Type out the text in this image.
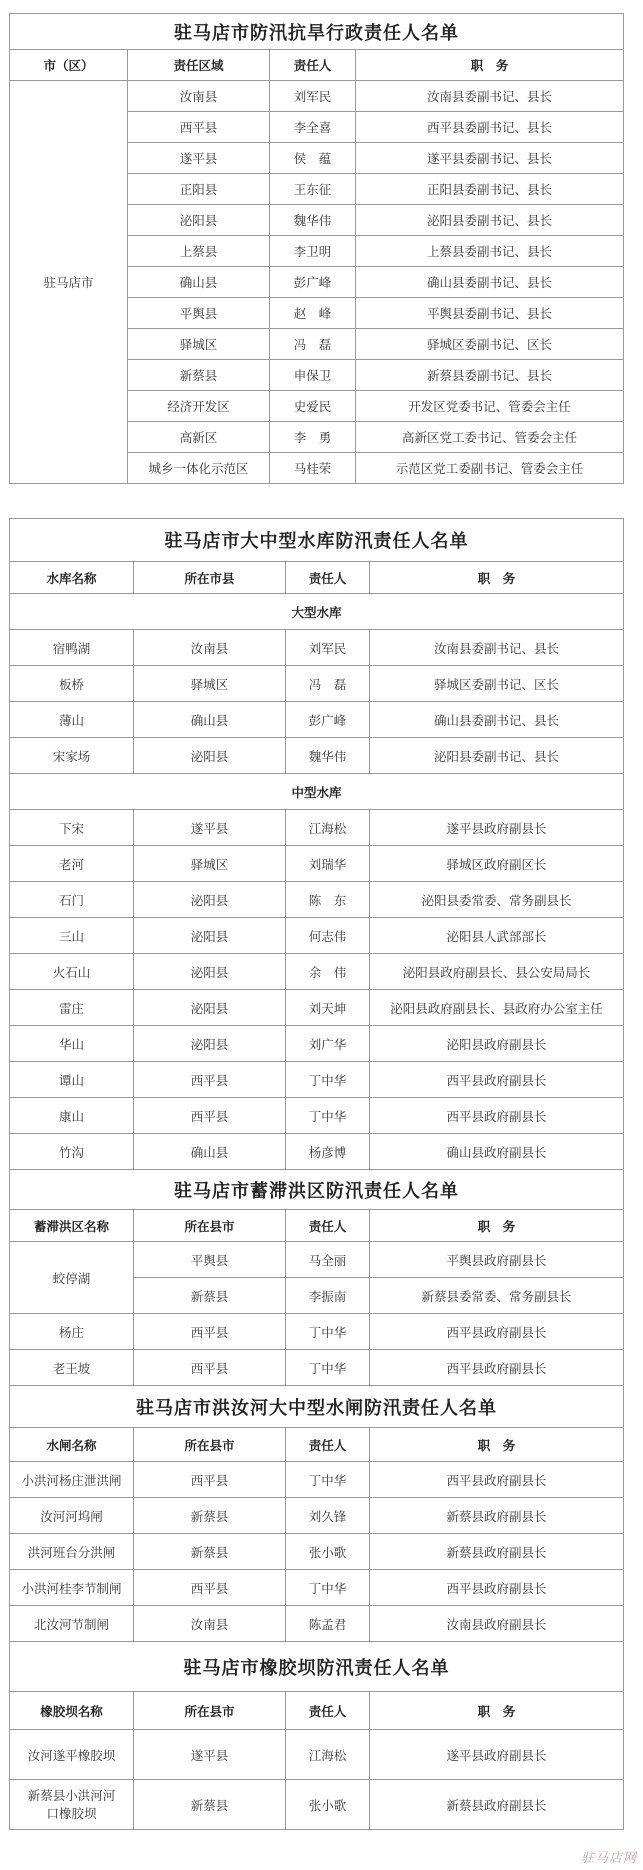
驻马店市防汛抗旱行政责任人名单			
市（区）	责任区域	责任人	职　务
驻马店市	汝南县	刘军民	汝南县委副书记、县长
	西平县	李全喜	西平县委副书记、县长
	遂平县	侯　蕴	遂平县委副书记、县长
	正阳县	王东征	正阳县委副书记、县长
	泌阳县	魏华伟	泌阳县委副书记、县长
	上蔡县	李卫明	上蔡县委副书记、县长
	确山县	彭广峰	确山县委副书记、县长
	平舆县	赵　峰	平舆县委副书记、县长
	驿城区	冯　磊	驿城区委副书记、区长
	新蔡县	申保卫	新蔡县委副书记、县长
	经济开发区	史爱民	开发区党委书记、管委会主任
	高新区	李　勇	高新区党工委书记、管委会主任
	城乡一体化示范区	马桂荣	示范区党工委副书记、管委会主任
驻马店市大中型水库防汛责任人名单			
水库名称	所在市县	责任人	职　务
大型水库			
宿鸭湖	汝南县	刘军民	汝南县委副书记、县长
板桥	驿城区	冯　磊	驿城区委副书记、区长
薄山	确山县	彭广峰	确山县委副书记、县长
宋家场	泌阳县	魏华伟	泌阳县委副书记、县长
中型水库			
下宋	遂平县	江海松	遂平县政府副县长
老河	驿城区	刘瑞华	驿城区政府副区长
石门	泌阳县	陈　东	泌阳县委常委、常务副县长
三山	泌阳县	何志伟	泌阳县人武部部长
火石山	泌阳县	余　伟	泌阳县政府副县长、县公安局局长
雷庄	泌阳县	刘天坤	泌阳县政府副县长、县政府办公室主任
华山	泌阳县	刘广华	泌阳县政府副县长
谭山	西平县	丁中华	西平县政府副县长
康山	西平县	丁中华	西平县政府副县长
竹沟	确山县	杨彦博	确山县政府副县长
驻马店市蓄滞洪区防汛责任人名单			
蓄滞洪区名称	所在县市	责任人	职　务
蛟停湖	平舆县	马全丽	平舆县政府副县长
	新蔡县	李振南	新蔡县委常委、常务副县长
杨庄	西平县	丁中华	西平县政府副县长
老王坡	西平县	丁中华	西平县政府副县长
驻马店市洪汝河大中型水闸防汛责任人名单			
水闸名称	所在县市	责任人	职　务
小洪河杨庄泄洪闸	西平县	丁中华	西平县政府副县长
汝河河坞闸	新蔡县	刘久锋	新蔡县政府副县长
洪河班台分洪闸	新蔡县	张小歌	新蔡县政府副县长
小洪河桂李节制闸	西平县	丁中华	西平县政府副县长
北汝河节制闸	汝南县	陈孟君	汝南县政府副县长
驻马店市橡胶坝防汛责任人名单			
橡胶坝名称	所在县市	责任人	职　务
汝河遂平橡胶坝	遂平县	江海松	遂平县政府副县长
新蔡县小洪河河口橡胶坝	新蔡县	张小歌	新蔡县政府副县长
驻马店网
